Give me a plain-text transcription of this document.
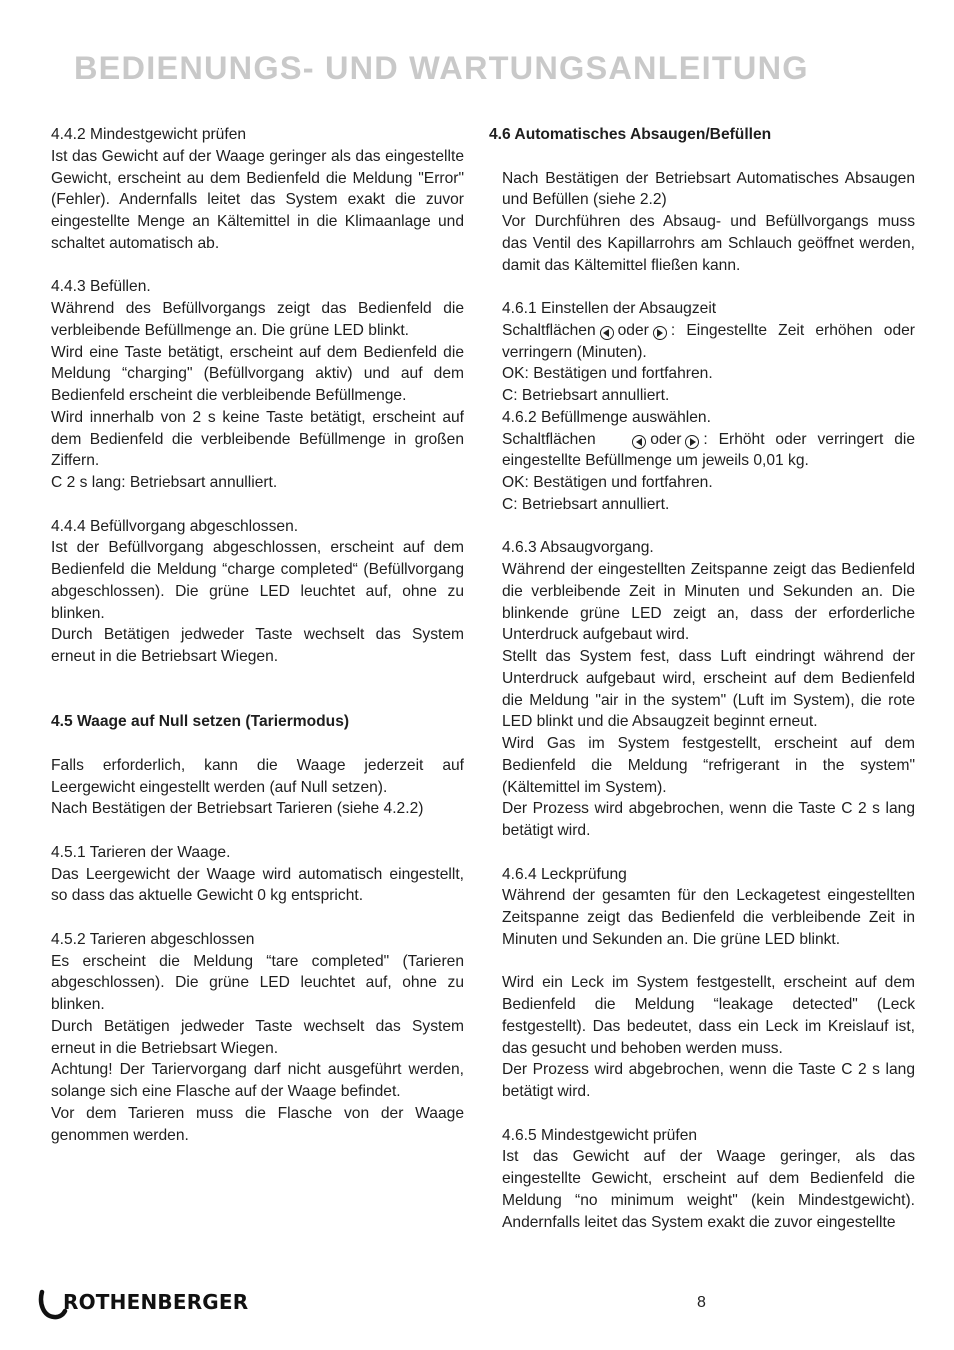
BEDIENUNGS- UND WARTUNGSANLEITUNG

4.4.2 Mindestgewicht prüfen

Ist das Gewicht auf der Waage geringer als das eingestellte Gewicht, erscheint au dem Bedienfeld die Meldung "Error" (Fehler). Andernfalls leitet das System exakt die zuvor eingestellte Menge an Kältemittel in die Klimaanlage und schaltet automatisch ab.

4.4.3 Befüllen.

Während des Befüllvorgangs zeigt das Bedienfeld die verbleibende Befüllmenge an. Die grüne LED blinkt.

Wird eine Taste betätigt, erscheint auf dem Bedienfeld die Meldung “charging" (Befüllvorgang aktiv) und auf dem Bedienfeld erscheint die verbleibende Befüllmenge.

Wird innerhalb von 2 s keine Taste betätigt, erscheint auf dem Bedienfeld die verbleibende Befüllmenge in großen Ziffern.

C 2 s lang: Betriebsart annulliert.

4.4.4 Befüllvorgang abgeschlossen.

Ist der Befüllvorgang abgeschlossen, erscheint auf dem Bedienfeld die Meldung “charge completed“ (Befüllvorgang abgeschlossen). Die grüne LED leuchtet auf, ohne zu blinken.

Durch Betätigen jedweder Taste wechselt das System erneut in die Betriebsart Wiegen.

4.5 Waage auf Null setzen (Tariermodus)

Falls erforderlich, kann die Waage jederzeit auf Leergewicht eingestellt werden (auf Null setzen).

Nach Bestätigen der Betriebsart Tarieren (siehe 4.2.2)

4.5.1 Tarieren der Waage.

Das Leergewicht der Waage wird automatisch eingestellt, so dass das aktuelle Gewicht 0 kg entspricht.

4.5.2 Tarieren abgeschlossen

Es erscheint die Meldung “tare completed" (Tarieren abgeschlossen). Die grüne LED leuchtet auf, ohne zu blinken.

Durch Betätigen jedweder Taste wechselt das System erneut in die Betriebsart Wiegen.

Achtung! Der Tariervorgang darf nicht ausgeführt werden, solange sich eine Flasche auf der Waage befindet.

Vor dem Tarieren muss die Flasche von der Waage genommen werden.

4.6 Automatisches Absaugen/Befüllen

Nach Bestätigen der Betriebsart Automatisches Absaugen und Befüllen (siehe 2.2)

Vor Durchführen des Absaug- und Befüllvorgangs muss das Ventil des Kapillarrohrs am Schlauch geöffnet werden, damit das Kältemittel fließen kann.

4.6.1 Einstellen der Absaugzeit

Schaltflächen oder : Eingestellte Zeit erhöhen oder verringern (Minuten).

OK: Bestätigen und fortfahren.

C: Betriebsart annulliert.

4.6.2 Befüllmenge auswählen.

Schaltflächen	oder : Erhöht oder verringert die eingestellte Befüllmenge um jeweils 0,01 kg.

OK: Bestätigen und fortfahren.

C: Betriebsart annulliert.

4.6.3 Absaugvorgang.

Während der eingestellten Zeitspanne zeigt das Bedienfeld die verbleibende Zeit in Minuten und Sekunden an. Die blinkende grüne LED zeigt an, dass der erforderliche Unterdruck aufgebaut wird.

Stellt das System fest, dass Luft eindringt während der Unterdruck aufgebaut wird, erscheint auf dem Bedienfeld die Meldung "air in the system" (Luft im System), die rote LED blinkt und die Absaugzeit beginnt erneut.

Wird Gas im System festgestellt, erscheint auf dem Bedienfeld die Meldung “refrigerant in the system" (Kältemittel im System).

Der Prozess wird abgebrochen, wenn die Taste C 2 s lang betätigt wird.

4.6.4 Leckprüfung

Während der gesamten für den Leckagetest eingestellten Zeitspanne zeigt das Bedienfeld die verbleibende Zeit in Minuten und Sekunden an. Die grüne LED blinkt.

Wird ein Leck im System festgestellt, erscheint auf dem Bedienfeld die Meldung “leakage detected" (Leck festgestellt). Das bedeutet, dass ein Leck im Kreislauf ist, das gesucht und behoben werden muss.

Der Prozess wird abgebrochen, wenn die Taste C 2 s lang betätigt wird.

4.6.5 Mindestgewicht prüfen

Ist das Gewicht auf der Waage geringer, als das eingestellte Gewicht, erscheint auf dem Bedienfeld die Meldung “no minimum weight" (kein Mindestgewicht). Andernfalls leitet das System exakt die zuvor eingestellte

ROTHENBERGER	8
